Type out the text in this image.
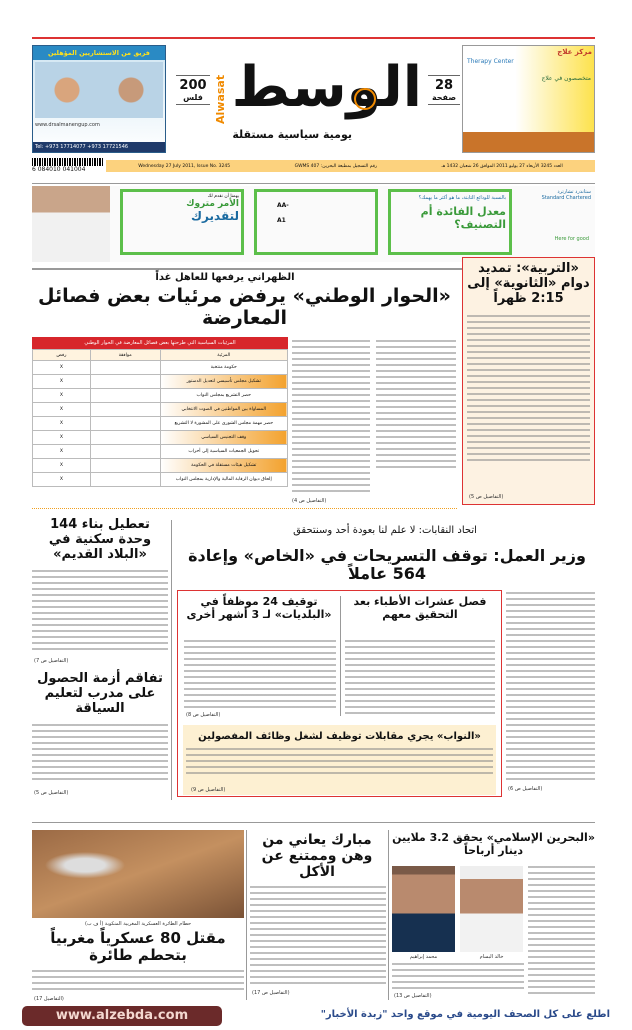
فريق من الاستشاريين المؤهلين
www.drsalmanengup.com
Tel: +973 17714077 +973 17721546
200
فلس الوسط
Alwasat
يومية سياسية مستقلة
28
صفحة
مركز علاج
Therapy Center
متخصصون في علاج
6 084010 041004	Wednesday 27 July 2011, Issue No. 3245	رقم التسجيل بمطبعة البحرين: GWMS 407	العدد 3245 الأربعاء 27 يوليو 2011 الموافق 26 شعبان 1432 هـ
يهمنا أن نقدم لك
الأمر متروك
لتقديرك
AA-
A1
بالنسبة للودائع الثابتة، ما هو أكثر ما يهمك؟
معدل الفائدة أم التصنيف؟
ستاندرد تشارترد
Standard Chartered
Here for good
الظهراني يرفعها للعاهل غداً
«الحوار الوطني» يرفض مرئيات بعض فصائل المعارضة
المرئيات السياسية التي طرحتها بعض فصائل المعارضة في الحوار الوطني
المرئية	موافقة	رفض
حكومة منتخبة		X
تشكيل مجلس تأسيسي لتعديل الدستور		X
حصر التشريع بمجلس النواب		X
المساواة بين المواطنين في الصوت الانتخابي		X
حصر مهمة مجلس الشورى على المشورة لا التشريع		X
وقف التجنيس السياسي		X
تحويل الجمعيات السياسية إلى أحزاب		X
تشكيل هيئات مستقلة في الحكومة		X
إلحاق ديوان الرقابة المالية والإدارية بمجلس النواب		X
(التفاصيل ص 4)
«التربية»: تمديد دوام «الثانوية» إلى 2:15 ظهراً
(التفاصيل ص 5)
تعطيل بناء 144 وحدة سكنية في «البلاد القديم»
(التفاصيل ص 7)
تفاقم أزمة الحصول على مدرب لتعليم السياقة
(التفاصيل ص 5)
اتحاد النقابات: لا علم لنا بعودة أحد وسنتحقق
وزير العمل: توقف التسريحات في «الخاص» وإعادة 564 عاملاً
(التفاصيل ص 6)
فصل عشرات الأطباء بعد التحقيق معهم
توقيف 24 موظفاً في «البلديات» لـ 3 أشهر أخرى
(التفاصيل ص 8)
«النواب» يجري مقابلات توظيف لشغل وظائف المفصولين
(التفاصيل ص 9)
حطام الطائرة العسكرية المغربية المنكوبة (أ ف ب)
مقتل 80 عسكرياً مغربياً بتحطم طائرة
(التفاصيل 17)
مبارك يعاني من وهن وممتنع عن الأكل
(التفاصيل ص 17)
«البحرين الإسلامي» يحقق 3.2 ملايين دينار أرباحاً
محمد إبراهيم	خالد البسام
(التفاصيل ص 13)
www.alzebda.com	اطلع على كل الصحف اليومية في موقع واحد "زبدة الأخبار"
